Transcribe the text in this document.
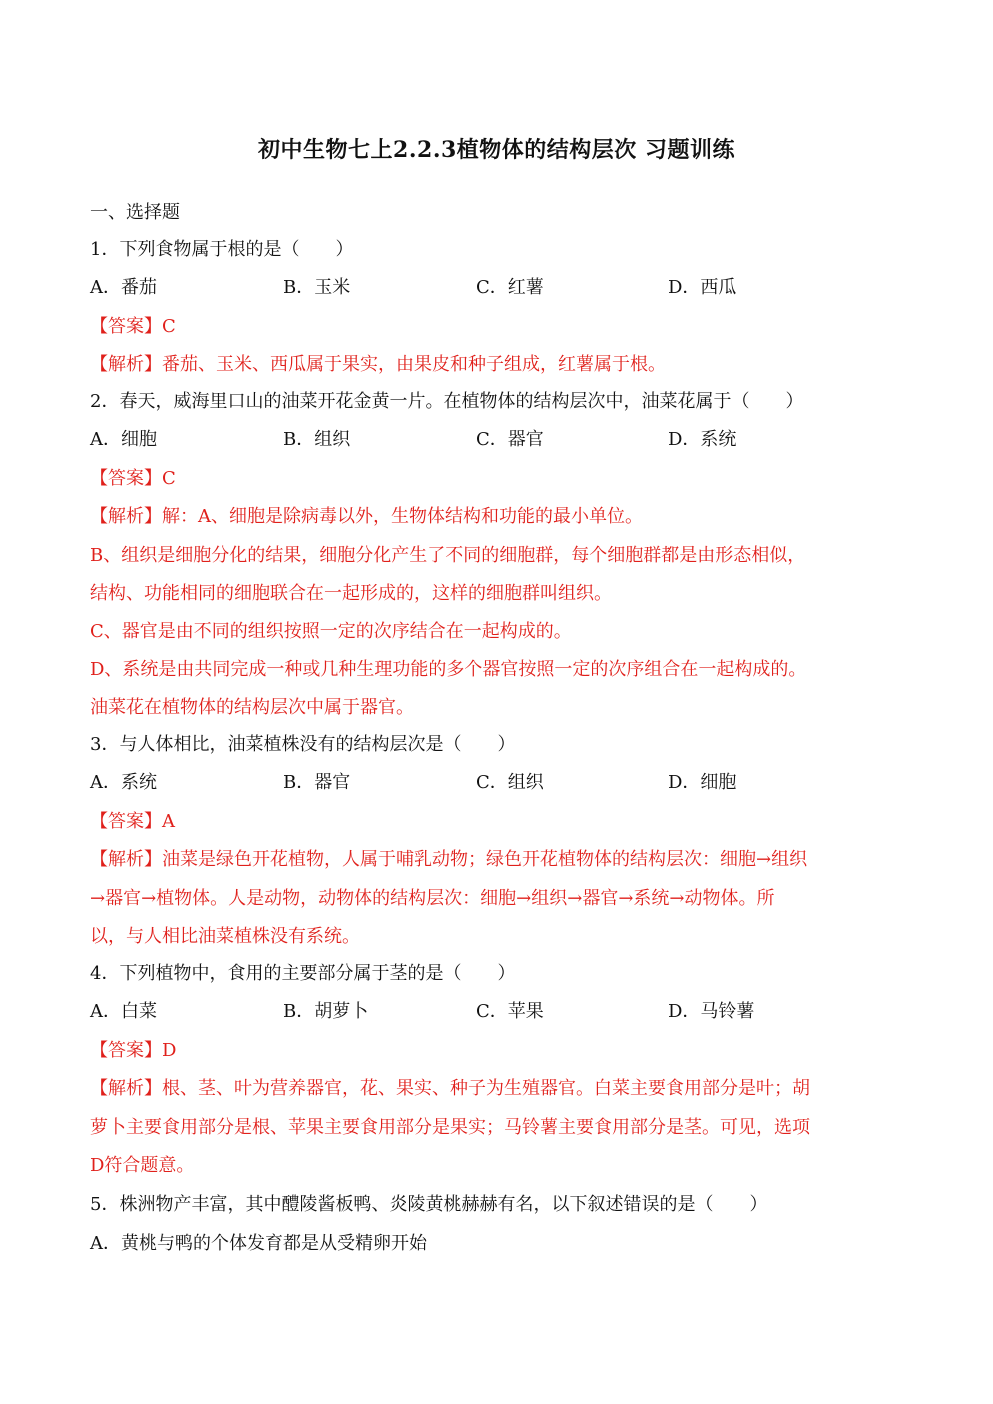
初中生物七上2.2.3植物体的结构层次 习题训练
一、选择题
1．下列食物属于根的是（　　）
A．番茄	B．玉米	C．红薯	D．西瓜
【答案】C
【解析】番茄、玉米、西瓜属于果实，由果皮和种子组成，红薯属于根。
2．春天，威海里口山的油菜开花金黄一片。在植物体的结构层次中，油菜花属于（　　）
A．细胞	B．组织	C．器官	D．系统
【答案】C
【解析】解：A、细胞是除病毒以外，生物体结构和功能的最小单位。
B、组织是细胞分化的结果，细胞分化产生了不同的细胞群，每个细胞群都是由形态相似，
结构、功能相同的细胞联合在一起形成的，这样的细胞群叫组织。
C、器官是由不同的组织按照一定的次序结合在一起构成的。
D、系统是由共同完成一种或几种生理功能的多个器官按照一定的次序组合在一起构成的。
油菜花在植物体的结构层次中属于器官。
3．与人体相比，油菜植株没有的结构层次是（　　）
A．系统	B．器官	C．组织	D．细胞
【答案】A
【解析】油菜是绿色开花植物，人属于哺乳动物；绿色开花植物体的结构层次：细胞→组织
→器官→植物体。人是动物，动物体的结构层次：细胞→组织→器官→系统→动物体。所
以，与人相比油菜植株没有系统。
4．下列植物中，食用的主要部分属于茎的是（　　）
A．白菜	B．胡萝卜	C．苹果	D．马铃薯
【答案】D
【解析】根、茎、叶为营养器官，花、果实、种子为生殖器官。白菜主要食用部分是叶；胡
萝卜主要食用部分是根、苹果主要食用部分是果实；马铃薯主要食用部分是茎。可见，选项
D符合题意。
5．株洲物产丰富，其中醴陵酱板鸭、炎陵黄桃赫赫有名，以下叙述错误的是（　　）
A．黄桃与鸭的个体发育都是从受精卵开始
